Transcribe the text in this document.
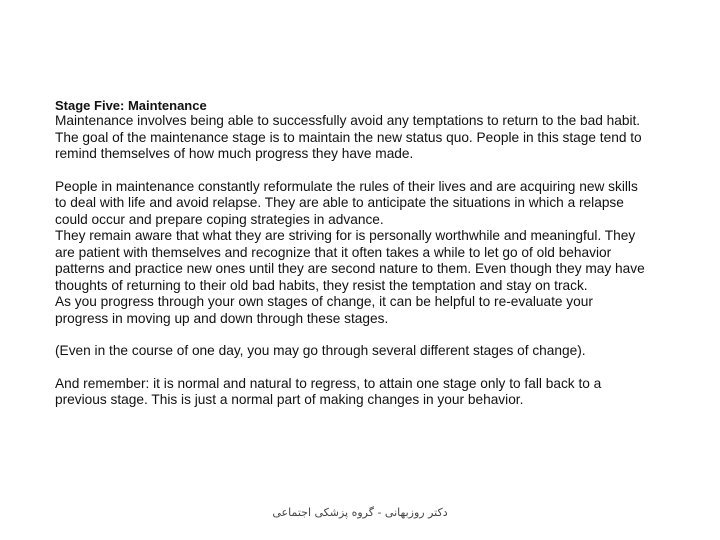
Stage Five: Maintenance

Maintenance involves being able to successfully avoid any temptations to return to the bad habit.
The goal of the maintenance stage is to maintain the new status quo. People in this stage tend to
remind themselves of how much progress they have made.

People in maintenance constantly reformulate the rules of their lives and are acquiring new skills
to deal with life and avoid relapse. They are able to anticipate the situations in which a relapse
could occur and prepare coping strategies in advance.
They remain aware that what they are striving for is personally worthwhile and meaningful. They
are patient with themselves and recognize that it often takes a while to let go of old behavior
patterns and practice new ones until they are second nature to them. Even though they may have
thoughts of returning to their old bad habits, they resist the temptation and stay on track.
As you progress through your own stages of change, it can be helpful to re-evaluate your
progress in moving up and down through these stages.

(Even in the course of one day, you may go through several different stages of change).

And remember: it is normal and natural to regress, to attain one stage only to fall back to a
previous stage. This is just a normal part of making changes in your behavior.

دکتر روزبهانی - گروه پزشکی اجتماعی
